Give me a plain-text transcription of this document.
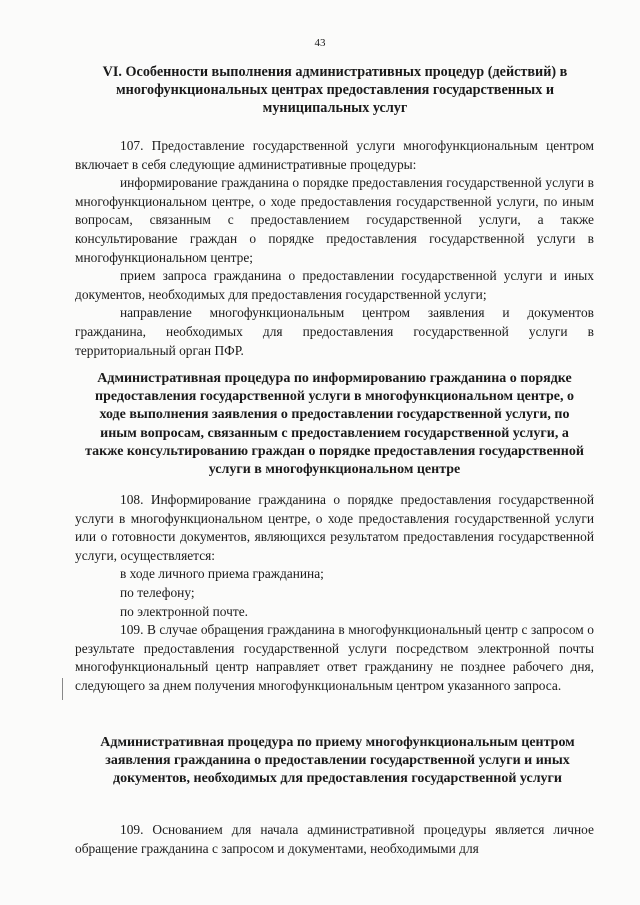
43
VI. Особенности выполнения административных процедур (действий) в многофункциональных центрах предоставления государственных и муниципальных услуг

107. Предоставление государственной услуги многофункциональным центром включает в себя следующие административные процедуры:

информирование гражданина о порядке предоставления государственной услуги в многофункциональном центре, о ходе предоставления государственной услуги, по иным вопросам, связанным с предоставлением государственной услуги, а также консультирование граждан о порядке предоставления государственной услуги в многофункциональном центре;

прием запроса гражданина о предоставлении государственной услуги и иных документов, необходимых для предоставления государственной услуги;

направление многофункциональным центром заявления и документов гражданина, необходимых для предоставления государственной услуги в территориальный орган ПФР.

Административная процедура по информированию гражданина о порядке предоставления государственной услуги в многофункциональном центре, о ходе выполнения заявления о предоставлении государственной услуги, по иным вопросам, связанным с предоставлением государственной услуги, а также консультированию граждан о порядке предоставления государственной услуги в многофункциональном центре

108. Информирование гражданина о порядке предоставления государственной услуги в многофункциональном центре, о ходе предоставления государственной услуги или о готовности документов, являющихся результатом предоставления государственной услуги, осуществляется:

в ходе личного приема гражданина;

по телефону;

по электронной почте.

109. В случае обращения гражданина в многофункциональный центр с запросом о результате предоставления государственной услуги посредством электронной почты многофункциональный центр направляет ответ гражданину не позднее рабочего дня, следующего за днем получения многофункциональным центром указанного запроса.

Административная процедура по приему многофункциональным центром заявления гражданина о предоставлении государственной услуги и иных документов, необходимых для предоставления государственной услуги

109. Основанием для начала административной процедуры является личное обращение гражданина с запросом и документами, необходимыми для
